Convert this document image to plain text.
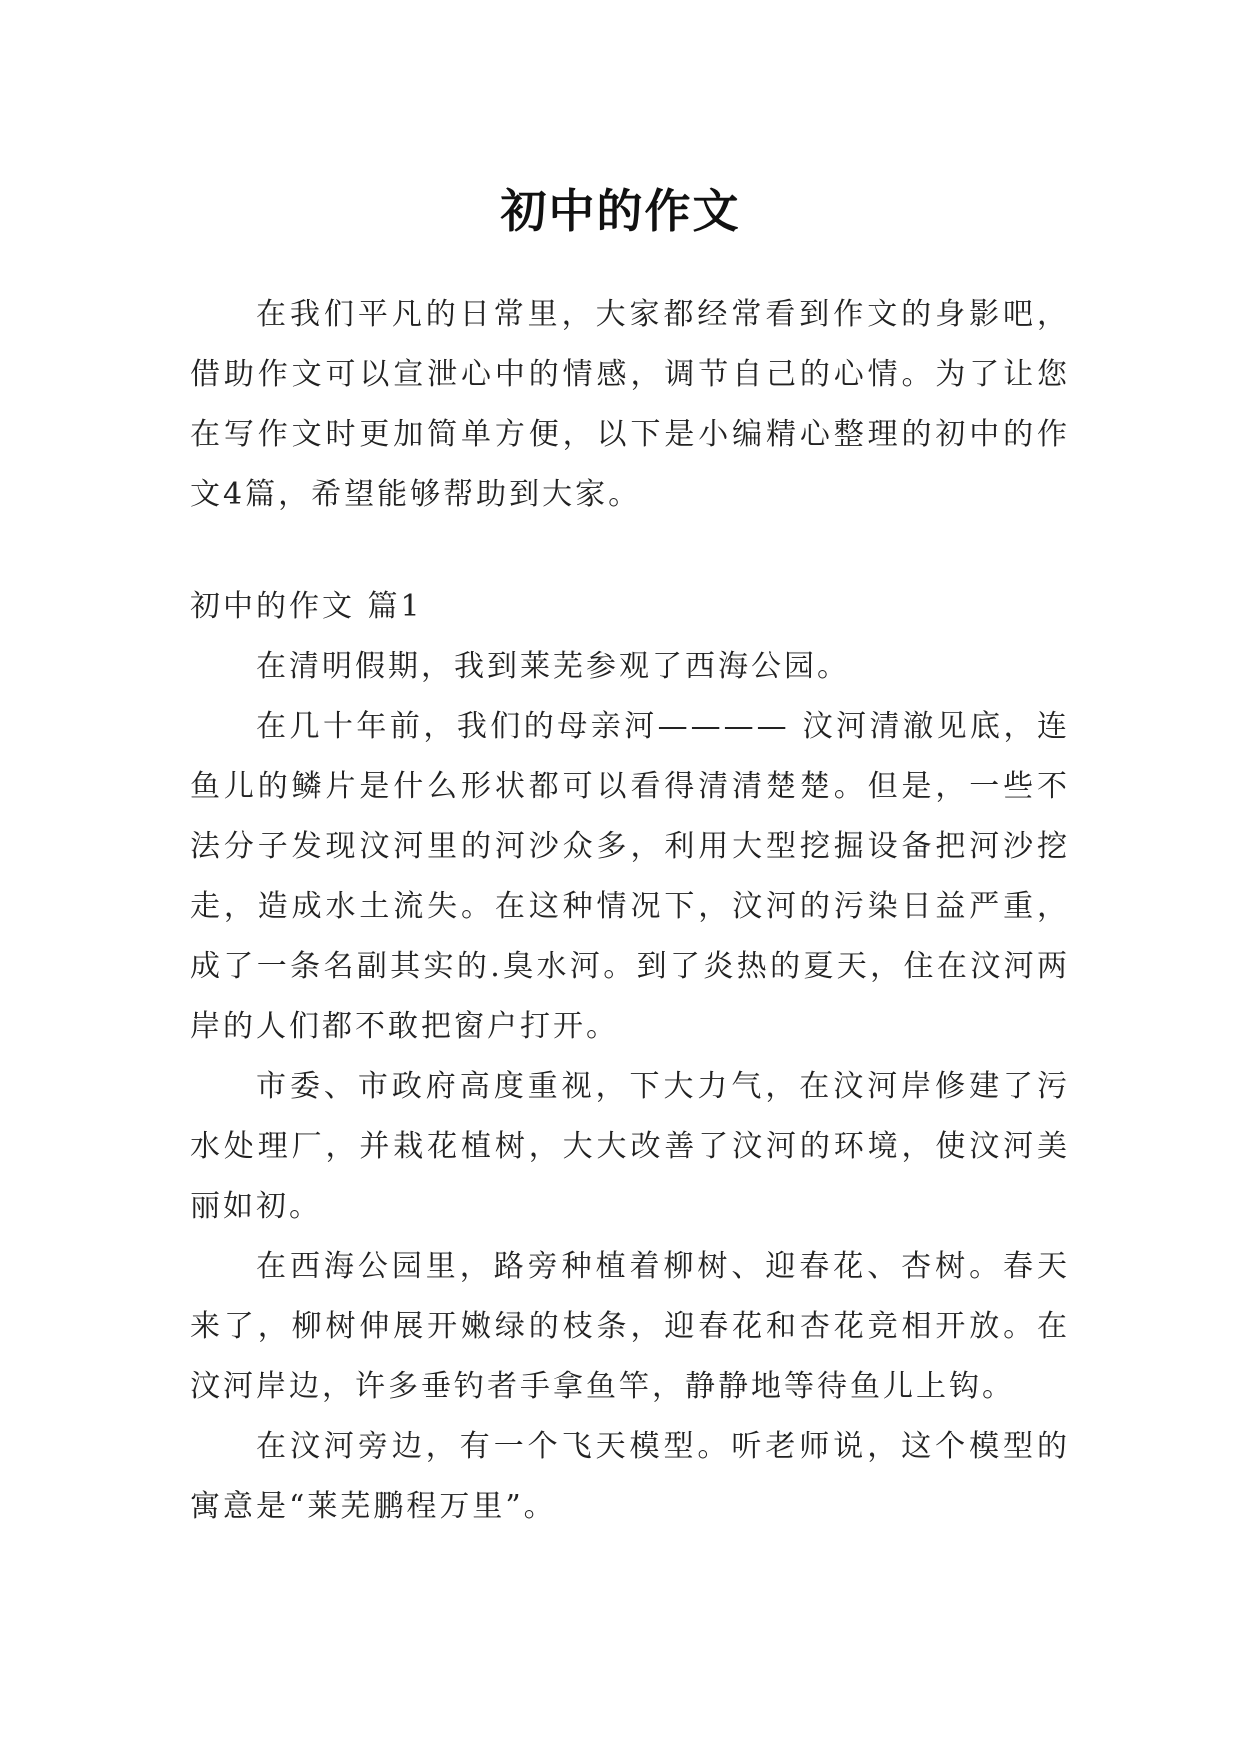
初中的作文

在我们平凡的日常里，大家都经常看到作文的身影吧，借助作文可以宣泄心中的情感，调节自己的心情。为了让您在写作文时更加简单方便，以下是小编精心整理的初中的作文4篇，希望能够帮助到大家。

初中的作文 篇1

在清明假期，我到莱芜参观了西海公园。

在几十年前，我们的母亲河———— 汶河清澈见底，连鱼儿的鳞片是什么形状都可以看得清清楚楚。但是，一些不法分子发现汶河里的河沙众多，利用大型挖掘设备把河沙挖走，造成水土流失。在这种情况下，汶河的污染日益严重，成了一条名副其实的.臭水河。到了炎热的夏天，住在汶河两岸的人们都不敢把窗户打开。

市委、市政府高度重视，下大力气，在汶河岸修建了污水处理厂，并栽花植树，大大改善了汶河的环境，使汶河美丽如初。

在西海公园里，路旁种植着柳树、迎春花、杏树。春天来了，柳树伸展开嫩绿的枝条，迎春花和杏花竞相开放。在汶河岸边，许多垂钓者手拿鱼竿，静静地等待鱼儿上钩。

在汶河旁边，有一个飞天模型。听老师说，这个模型的寓意是“莱芜鹏程万里”。
